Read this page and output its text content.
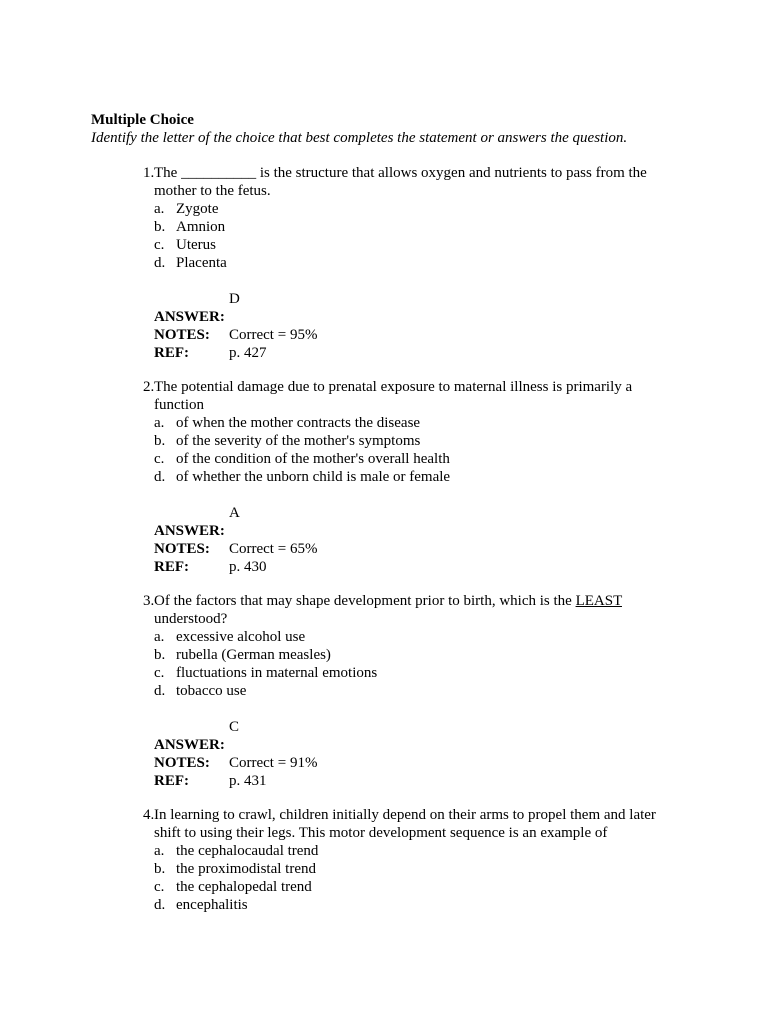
Multiple Choice
Identify the letter of the choice that best completes the statement or answers the question.
1. The __________ is the structure that allows oxygen and nutrients to pass from the mother to the fetus.
a. Zygote
b. Amnion
c. Uterus
d. Placenta
D
ANSWER:
NOTES: Correct = 95%
REF:	p. 427
2. The potential damage due to prenatal exposure to maternal illness is primarily a function
a. of when the mother contracts the disease
b. of the severity of the mother's symptoms
c. of the condition of the mother's overall health
d. of whether the unborn child is male or female
A
ANSWER:
NOTES: Correct = 65%
REF:	p. 430
3. Of the factors that may shape development prior to birth, which is the LEAST understood?
a. excessive alcohol use
b. rubella (German measles)
c. fluctuations in maternal emotions
d. tobacco use
C
ANSWER:
NOTES: Correct = 91%
REF:	p. 431
4. In learning to crawl, children initially depend on their arms to propel them and later shift to using their legs. This motor development sequence is an example of
a. the cephalocaudal trend
b. the proximodistal trend
c. the cephalopedal trend
d. encephalitis
